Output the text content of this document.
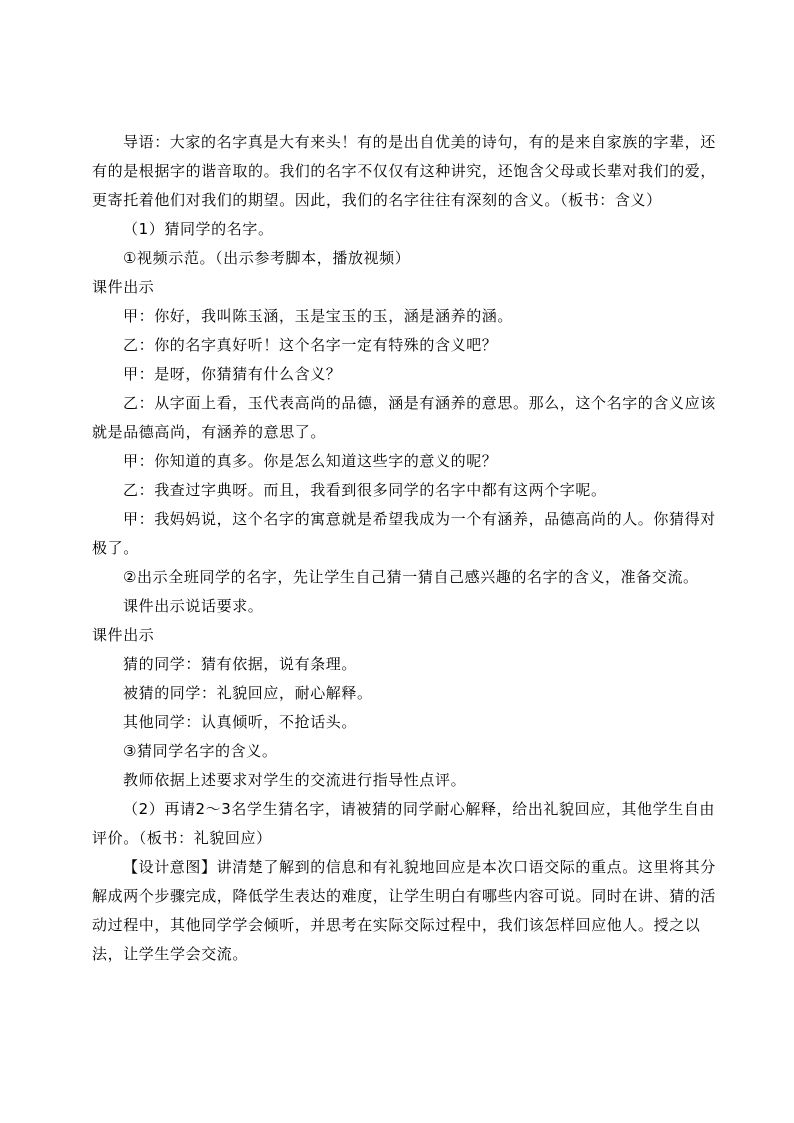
导语：大家的名字真是大有来头！有的是出自优美的诗句，有的是来自家族的字辈，还有的是根据字的谐音取的。我们的名字不仅仅有这种讲究，还饱含父母或长辈对我们的爱，更寄托着他们对我们的期望。因此，我们的名字往往有深刻的含义。（板书：含义）

（1）猜同学的名字。

①视频示范。（出示参考脚本，播放视频）

课件出示

甲：你好，我叫陈玉涵，玉是宝玉的玉，涵是涵养的涵。

乙：你的名字真好听！这个名字一定有特殊的含义吧？

甲：是呀，你猜猜有什么含义？

乙：从字面上看，玉代表高尚的品德，涵是有涵养的意思。那么，这个名字的含义应该就是品德高尚，有涵养的意思了。

甲：你知道的真多。你是怎么知道这些字的意义的呢？

乙：我查过字典呀。而且，我看到很多同学的名字中都有这两个字呢。

甲：我妈妈说，这个名字的寓意就是希望我成为一个有涵养，品德高尚的人。你猜得对极了。

②出示全班同学的名字，先让学生自己猜一猜自己感兴趣的名字的含义，准备交流。

课件出示说话要求。

课件出示

猜的同学：猜有依据，说有条理。

被猜的同学：礼貌回应，耐心解释。

其他同学：认真倾听，不抢话头。

③猜同学名字的含义。

教师依据上述要求对学生的交流进行指导性点评。

（2）再请2～3名学生猜名字，请被猜的同学耐心解释，给出礼貌回应，其他学生自由评价。（板书：礼貌回应）

【设计意图】讲清楚了解到的信息和有礼貌地回应是本次口语交际的重点。这里将其分解成两个步骤完成，降低学生表达的难度，让学生明白有哪些内容可说。同时在讲、猜的活动过程中，其他同学学会倾听，并思考在实际交际过程中，我们该怎样回应他人。授之以法，让学生学会交流。
